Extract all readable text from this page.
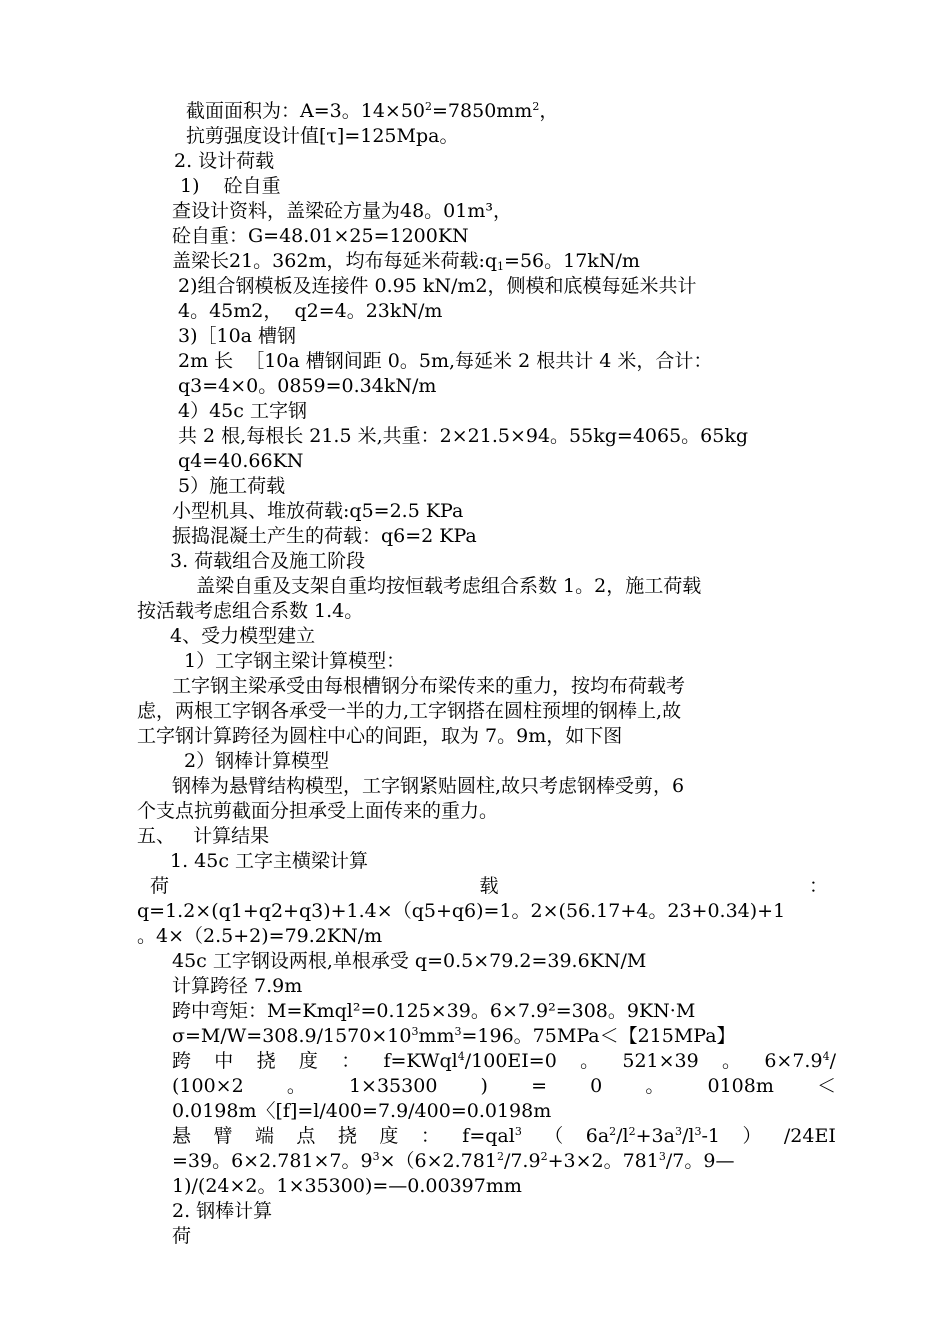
截面面积为：A=3。$14\times 50^2=7850mm^2$，
抗剪强度设计值[τ]=125Mpa。
2. 设计荷载
1)    砼自重
查设计资料，盖梁砼方量为48。01m³，
砼自重：G=48.01×25=1200KN
盖梁长21。362m，均布每延米荷载$:q_1=56$。17kN/m
2)组合钢模板及连接件 0.95 kN/m2，侧模和底模每延米共计
4。45m2，  q2=4。23kN/m
3)［10a 槽钢
2m 长  ［10a 槽钢间距 0。5m,每延米 2 根共计 4 米，合计：
q3=4×0。0859=0.34kN/m
4）45c 工字钢
共 2 根,每根长 21.5 米,共重：2×21.5×94。55kg=4065。65kg
q4=40.66KN
5）施工荷载
小型机具、堆放荷载:q5=2.5 KPa
振捣混凝土产生的荷载：q6=2 KPa
3. 荷载组合及施工阶段
盖梁自重及支架自重均按恒载考虑组合系数 1。2，施工荷载
按活载考虑组合系数 1.4。
4、受力模型建立
1）工字钢主梁计算模型：
工字钢主梁承受由每根槽钢分布梁传来的重力，按均布荷载考
虑，两根工字钢各承受一半的力,工字钢搭在圆柱预埋的钢棒上,故
工字钢计算跨径为圆柱中心的间距，取为 7。9m，如下图
2）钢棒计算模型
钢棒为悬臂结构模型，工字钢紧贴圆柱,故只考虑钢棒受剪，6
个支点抗剪截面分担承受上面传来的重力。
五、   计算结果
1. 45c 工字主横梁计算
荷	载	：
q=1.2×(q1+q2+q3)+1.4×（q5+q6)=1。2×(56.17+4。23+0.34)+1
。4×（2.5+2)=79.2KN/m
45c 工字钢设两根,单根承受 q=0.5×79.2=39.6KN/M
计算跨径 7.9m
跨中弯矩：M=Kmql²=0.125×39。6×7.9²=308。9KN·M
$\sigma=M/W=308.9/1570\times 10^3mm^3=196$。75MPa＜【215MPa】
跨 中 挠 度 ： f=KWql$^4$/100EI=0 。 521×39 。 $6\times 7.9^4/$
(100×2 。 1×35300 ) = 0 。 0108m ＜
0.0198m〈[f]=l/400=7.9/400=0.0198m
悬 臂 端 点 挠 度 ： f=qal$^3$ （ $6a^2/l^2+3a^3/l^3-1$ ） /24EI
=39。6×2.781×7。$9^3\times(6\times 2.781^2/7.9^2+3\times 2$。$781^3/7$。9—
1)/(24×2。1×35300)=—0.00397mm
2. 钢棒计算
荷
